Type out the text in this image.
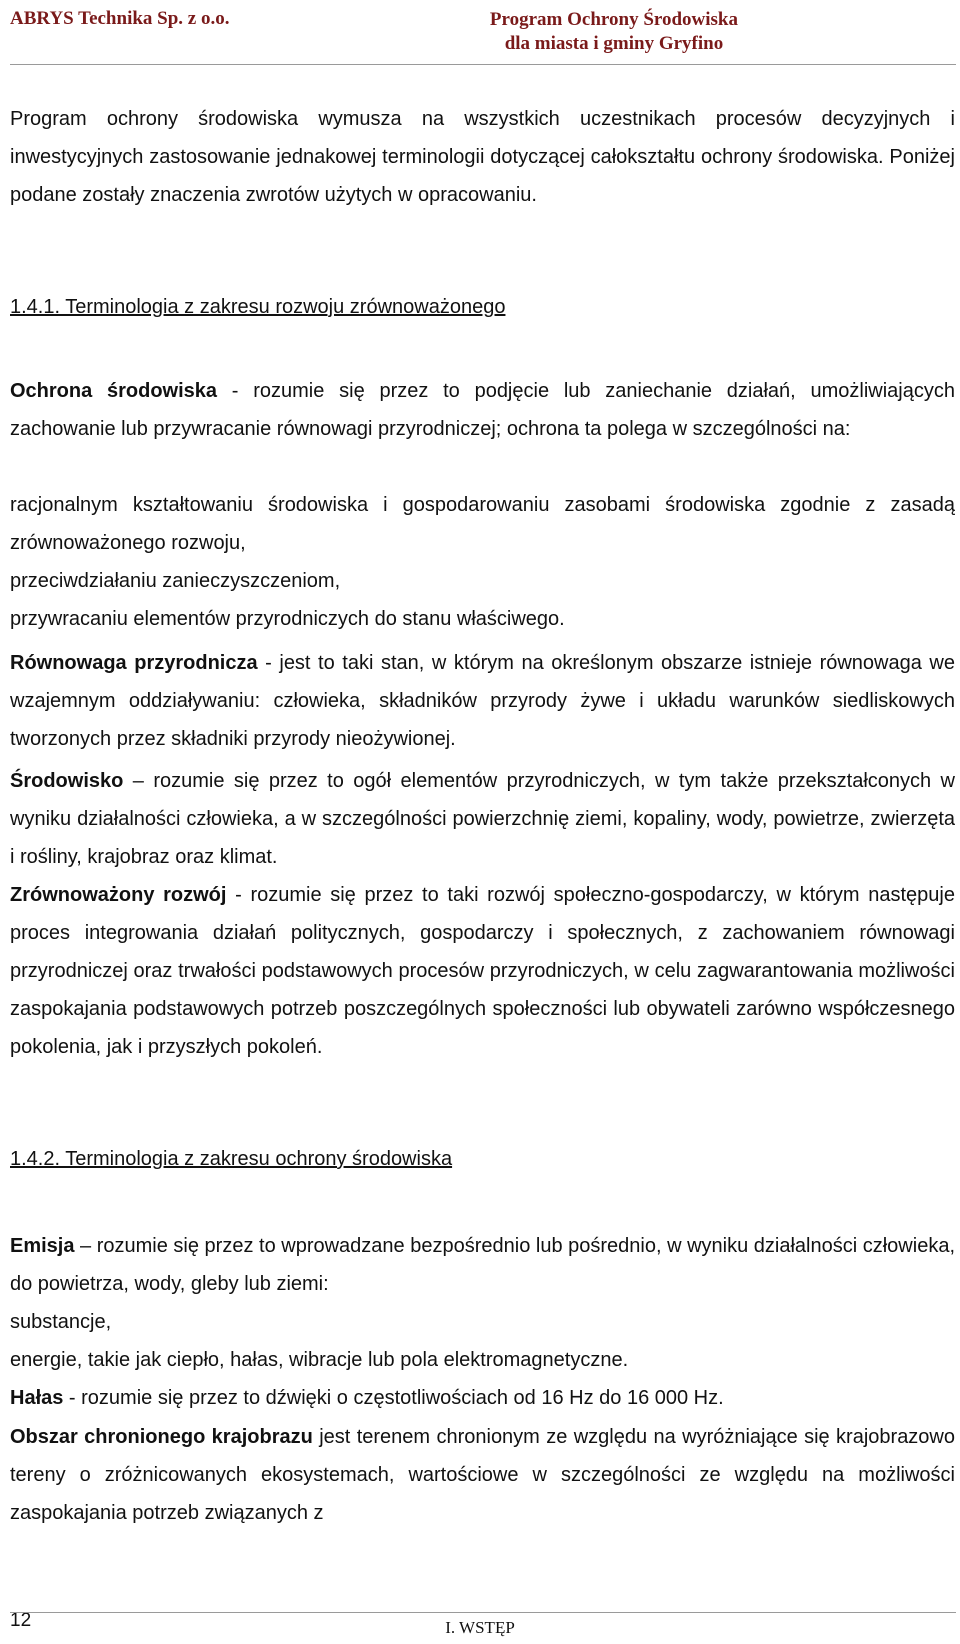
ABRYS Technika Sp. z o.o.	Program Ochrony Środowiska
dla miasta i gminy Gryfino

Program ochrony środowiska wymusza na wszystkich uczestnikach procesów decyzyjnych i inwestycyjnych zastosowanie jednakowej terminologii dotyczącej całokształtu ochrony środowiska. Poniżej podane zostały znaczenia zwrotów użytych w opracowaniu.

1.4.1. Terminologia z zakresu rozwoju zrównoważonego
Ochrona środowiska - rozumie się przez to podjęcie lub zaniechanie działań, umożliwiających zachowanie lub przywracanie równowagi przyrodniczej; ochrona ta polega w szczególności na:
racjonalnym kształtowaniu środowiska i gospodarowaniu zasobami środowiska zgodnie z zasadą zrównoważonego rozwoju,
przeciwdziałaniu zanieczyszczeniom,
przywracaniu elementów przyrodniczych do stanu właściwego.
Równowaga przyrodnicza - jest to taki stan, w którym na określonym obszarze istnieje równowaga we wzajemnym oddziaływaniu: człowieka, składników przyrody żywe i układu warunków siedliskowych tworzonych przez składniki przyrody nieożywionej.
Środowisko – rozumie się przez to ogół elementów przyrodniczych, w tym także przekształconych w wyniku działalności człowieka, a w szczególności powierzchnię ziemi, kopaliny, wody, powietrze, zwierzęta i rośliny, krajobraz oraz klimat.
Zrównoważony rozwój - rozumie się przez to taki rozwój społeczno-gospodarczy, w którym następuje proces integrowania działań politycznych, gospodarczy i społecznych, z zachowaniem równowagi przyrodniczej oraz trwałości podstawowych procesów przyrodniczych, w celu zagwarantowania możliwości zaspokajania podstawowych potrzeb poszczególnych społeczności lub obywateli zarówno współczesnego pokolenia, jak i przyszłych pokoleń.
1.4.2. Terminologia z zakresu ochrony środowiska
Emisja – rozumie się przez to wprowadzane bezpośrednio lub pośrednio, w wyniku działalności człowieka, do powietrza, wody, gleby lub ziemi:
substancje,
energie, takie jak ciepło, hałas, wibracje lub pola elektromagnetyczne.
Hałas - rozumie się przez to dźwięki o częstotliwościach od 16 Hz do 16 000 Hz.
Obszar chronionego krajobrazu jest terenem chronionym ze względu na wyróżniające się krajobrazowo tereny o zróżnicowanych ekosystemach, wartościowe w szczególności ze względu na możliwości zaspokajania potrzeb związanych z
12	I. WSTĘP
